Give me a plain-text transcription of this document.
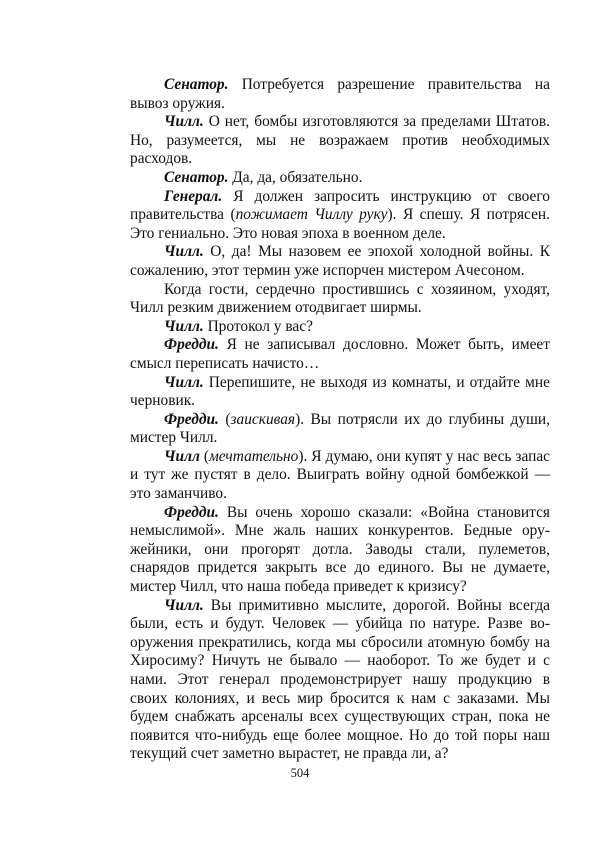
Сенатор. Потребуется разрешение правительства на вывоз оружия.

Чилл. О нет, бомбы изготовляются за пределами Штатов. Но, разумеется, мы не возражаем против необходимых расходов.

Сенатор. Да, да, обязательно.

Генерал. Я должен запросить инструкцию от своего правительства (пожимает Чиллу руку). Я спешу. Я потрясен. Это гениально. Это новая эпоха в военном деле.

Чилл. О, да! Мы назовем ее эпохой холодной войны. К сожалению, этот термин уже испорчен мистером Ачесоном.

Когда гости, сердечно простившись с хозяином, уходят, Чилл резким движением отодвигает ширмы.

Чилл. Протокол у вас?

Фредди. Я не записывал дословно. Может быть, имеет смысл переписать начисто…

Чилл. Перепишите, не выходя из комнаты, и отдайте мне черновик.

Фредди. (заискивая). Вы потрясли их до глубины души, мистер Чилл.

Чилл (мечтательно). Я думаю, они купят у нас весь запас и тут же пустят в дело. Выиграть войну одной бомбежкой — это заманчиво.

Фредди. Вы очень хорошо сказали: «Война становится немыслимой». Мне жаль наших конкурентов. Бедные оружейники, они прогорят дотла. Заводы стали, пулеметов, снарядов придется закрыть все до единого. Вы не думаете, мистер Чилл, что наша победа приведет к кризису?

Чилл. Вы примитивно мыслите, дорогой. Войны всегда были, есть и будут. Человек — убийца по натуре. Разве вооружения прекратились, когда мы сбросили атомную бомбу на Хиросиму? Ничуть не бывало — наоборот. То же будет и с нами. Этот генерал продемонстрирует нашу продукцию в своих колониях, и весь мир бросится к нам с заказами. Мы будем снабжать арсеналы всех существующих стран, пока не появится что-нибудь еще более мощное. Но до той поры наш текущий счет заметно вырастет, не правда ли, а?

504
